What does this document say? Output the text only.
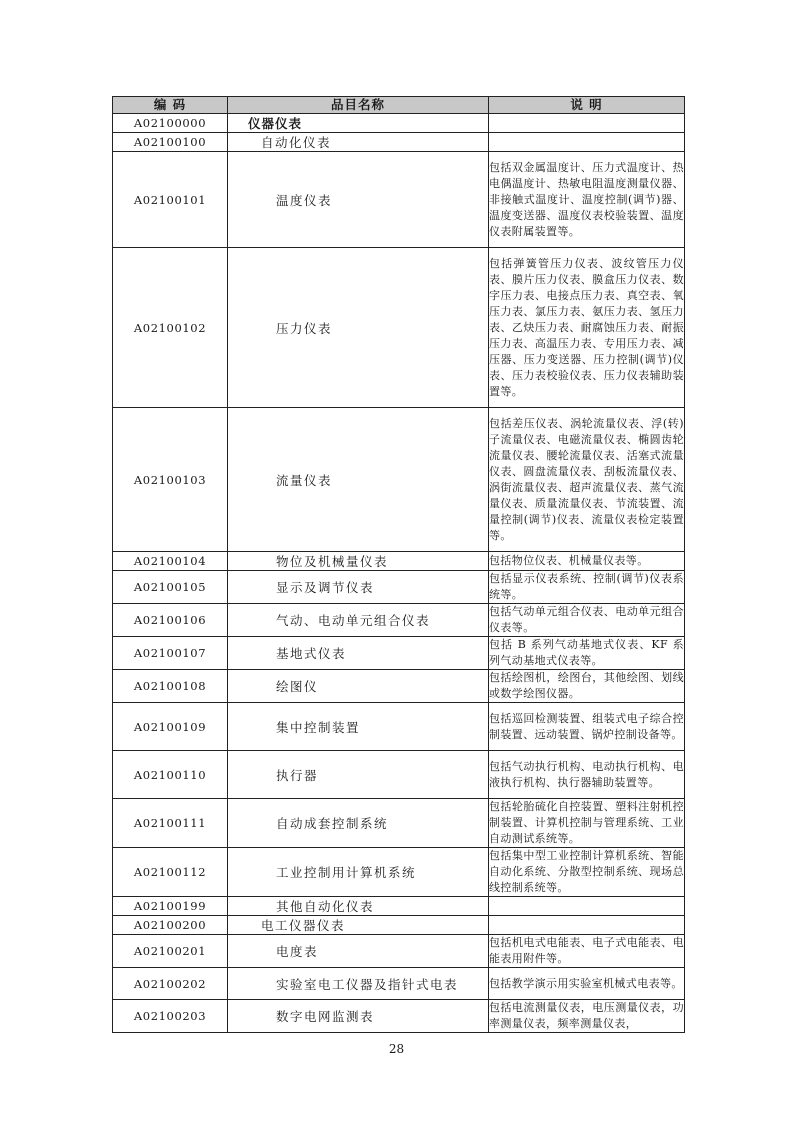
编 码	品目名称	说 明
A02100000	仪器仪表	
A02100100	自动化仪表	
A02100101	温度仪表	包括双金属温度计、压力式温度计、热电偶温度计、热敏电阻温度测量仪器、非接触式温度计、温度控制(调节)器、温度变送器、温度仪表校验装置、温度仪表附属装置等。
A02100102	压力仪表	包括弹簧管压力仪表、波纹管压力仪表、膜片压力仪表、膜盒压力仪表、数字压力表、电接点压力表、真空表、氧压力表、氯压力表、氨压力表、氢压力表、乙炔压力表、耐腐蚀压力表、耐振压力表、高温压力表、专用压力表、减压器、压力变送器、压力控制(调节)仪表、压力表校验仪表、压力仪表辅助装置等。
A02100103	流量仪表	包括差压仪表、涡轮流量仪表、浮(转)子流量仪表、电磁流量仪表、椭圆齿轮流量仪表、腰轮流量仪表、活塞式流量仪表、圆盘流量仪表、刮板流量仪表、涡街流量仪表、超声流量仪表、蒸气流量仪表、质量流量仪表、节流装置、流量控制(调节)仪表、流量仪表检定装置等。
A02100104	物位及机械量仪表	包括物位仪表、机械量仪表等。
A02100105	显示及调节仪表	包括显示仪表系统、控制(调节)仪表系统等。
A02100106	气动、电动单元组合仪表	包括气动单元组合仪表、电动单元组合仪表等。
A02100107	基地式仪表	包括 B 系列气动基地式仪表、KF 系列气动基地式仪表等。
A02100108	绘图仪	包括绘图机，绘图台，其他绘图、划线或数学绘图仪器。
A02100109	集中控制装置	包括巡回检测装置、组装式电子综合控制装置、远动装置、锅炉控制设备等。
A02100110	执行器	包括气动执行机构、电动执行机构、电液执行机构、执行器辅助装置等。
A02100111	自动成套控制系统	包括轮胎硫化自控装置、塑料注射机控制装置、计算机控制与管理系统、工业自动测试系统等。
A02100112	工业控制用计算机系统	包括集中型工业控制计算机系统、智能自动化系统、分散型控制系统、现场总线控制系统等。
A02100199	其他自动化仪表	
A02100200	电工仪器仪表	
A02100201	电度表	包括机电式电能表、电子式电能表、电能表用附件等。
A02100202	实验室电工仪器及指针式电表	包括教学演示用实验室机械式电表等。
A02100203	数字电网监测表	包括电流测量仪表，电压测量仪表，功率测量仪表，频率测量仪表，
28
